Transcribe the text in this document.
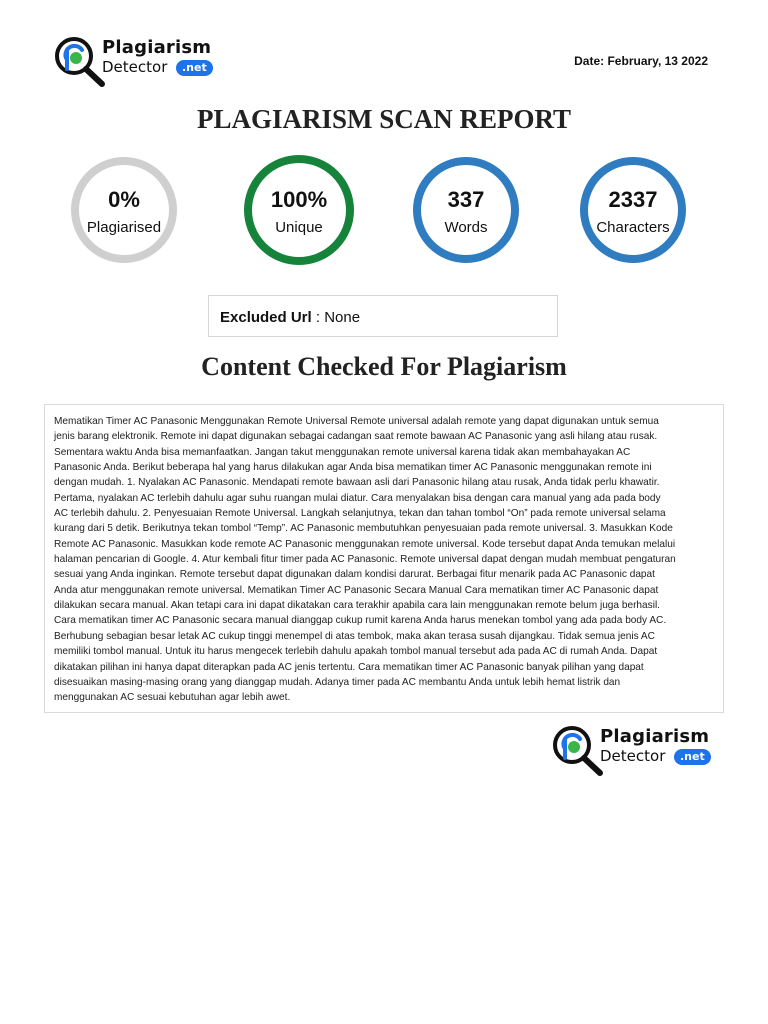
Plagiarism
Detector	.net	Date: February, 13 2022
PLAGIARISM SCAN REPORT
0%
Plagiarised
100%
Unique
337
Words
2337
Characters
Excluded Url : None
Content Checked For Plagiarism
Mematikan Timer AC Panasonic Menggunakan Remote Universal Remote universal adalah remote yang dapat digunakan untuk semua
jenis barang elektronik. Remote ini dapat digunakan sebagai cadangan saat remote bawaan AC Panasonic yang asli hilang atau rusak.
Sementara waktu Anda bisa memanfaatkan. Jangan takut menggunakan remote universal karena tidak akan membahayakan AC
Panasonic Anda. Berikut beberapa hal yang harus dilakukan agar Anda bisa mematikan timer AC Panasonic menggunakan remote ini
dengan mudah. 1. Nyalakan AC Panasonic. Mendapati remote bawaan asli dari Panasonic hilang atau rusak, Anda tidak perlu khawatir.
Pertama, nyalakan AC terlebih dahulu agar suhu ruangan mulai diatur. Cara menyalakan bisa dengan cara manual yang ada pada body
AC terlebih dahulu. 2. Penyesuaian Remote Universal. Langkah selanjutnya, tekan dan tahan tombol “On” pada remote universal selama
kurang dari 5 detik. Berikutnya tekan tombol “Temp”. AC Panasonic membutuhkan penyesuaian pada remote universal. 3. Masukkan Kode
Remote AC Panasonic. Masukkan kode remote AC Panasonic menggunakan remote universal. Kode tersebut dapat Anda temukan melalui
halaman pencarian di Google. 4. Atur kembali fitur timer pada AC Panasonic. Remote universal dapat dengan mudah membuat pengaturan
sesuai yang Anda inginkan. Remote tersebut dapat digunakan dalam kondisi darurat. Berbagai fitur menarik pada AC Panasonic dapat
Anda atur menggunakan remote universal. Mematikan Timer AC Panasonic Secara Manual Cara mematikan timer AC Panasonic dapat
dilakukan secara manual. Akan tetapi cara ini dapat dikatakan cara terakhir apabila cara lain menggunakan remote belum juga berhasil.
Cara mematikan timer AC Panasonic secara manual dianggap cukup rumit karena Anda harus menekan tombol yang ada pada body AC.
Berhubung sebagian besar letak AC cukup tinggi menempel di atas tembok, maka akan terasa susah dijangkau. Tidak semua jenis AC
memiliki tombol manual. Untuk itu harus mengecek terlebih dahulu apakah tombol manual tersebut ada pada AC di rumah Anda. Dapat
dikatakan pilihan ini hanya dapat diterapkan pada AC jenis tertentu. Cara mematikan timer AC Panasonic banyak pilihan yang dapat
disesuaikan masing-masing orang yang dianggap mudah. Adanya timer pada AC membantu Anda untuk lebih hemat listrik dan
menggunakan AC sesuai kebutuhan agar lebih awet.
Plagiarism
Detector	.net
